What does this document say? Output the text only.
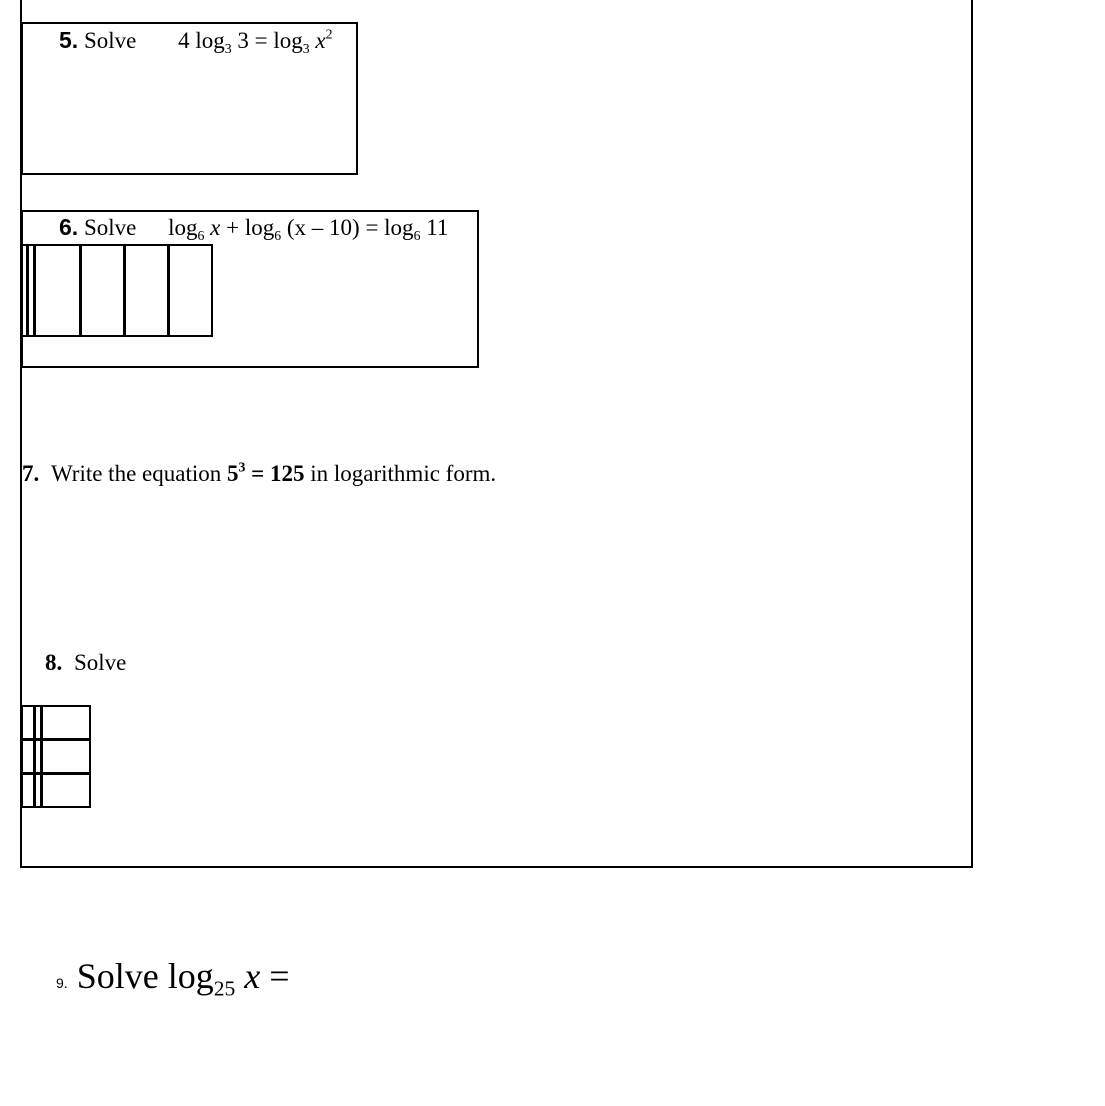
5. Solve 4 $\log_3 3 = \log_3 x^2$
6. Solve $\log_6 x + \log_6 (x - 10) = \log_6 11$
7. Write the equation $5^3 = 125$ in logarithmic form.
8. Solve
9. Solve $\log_{25} x$ =
